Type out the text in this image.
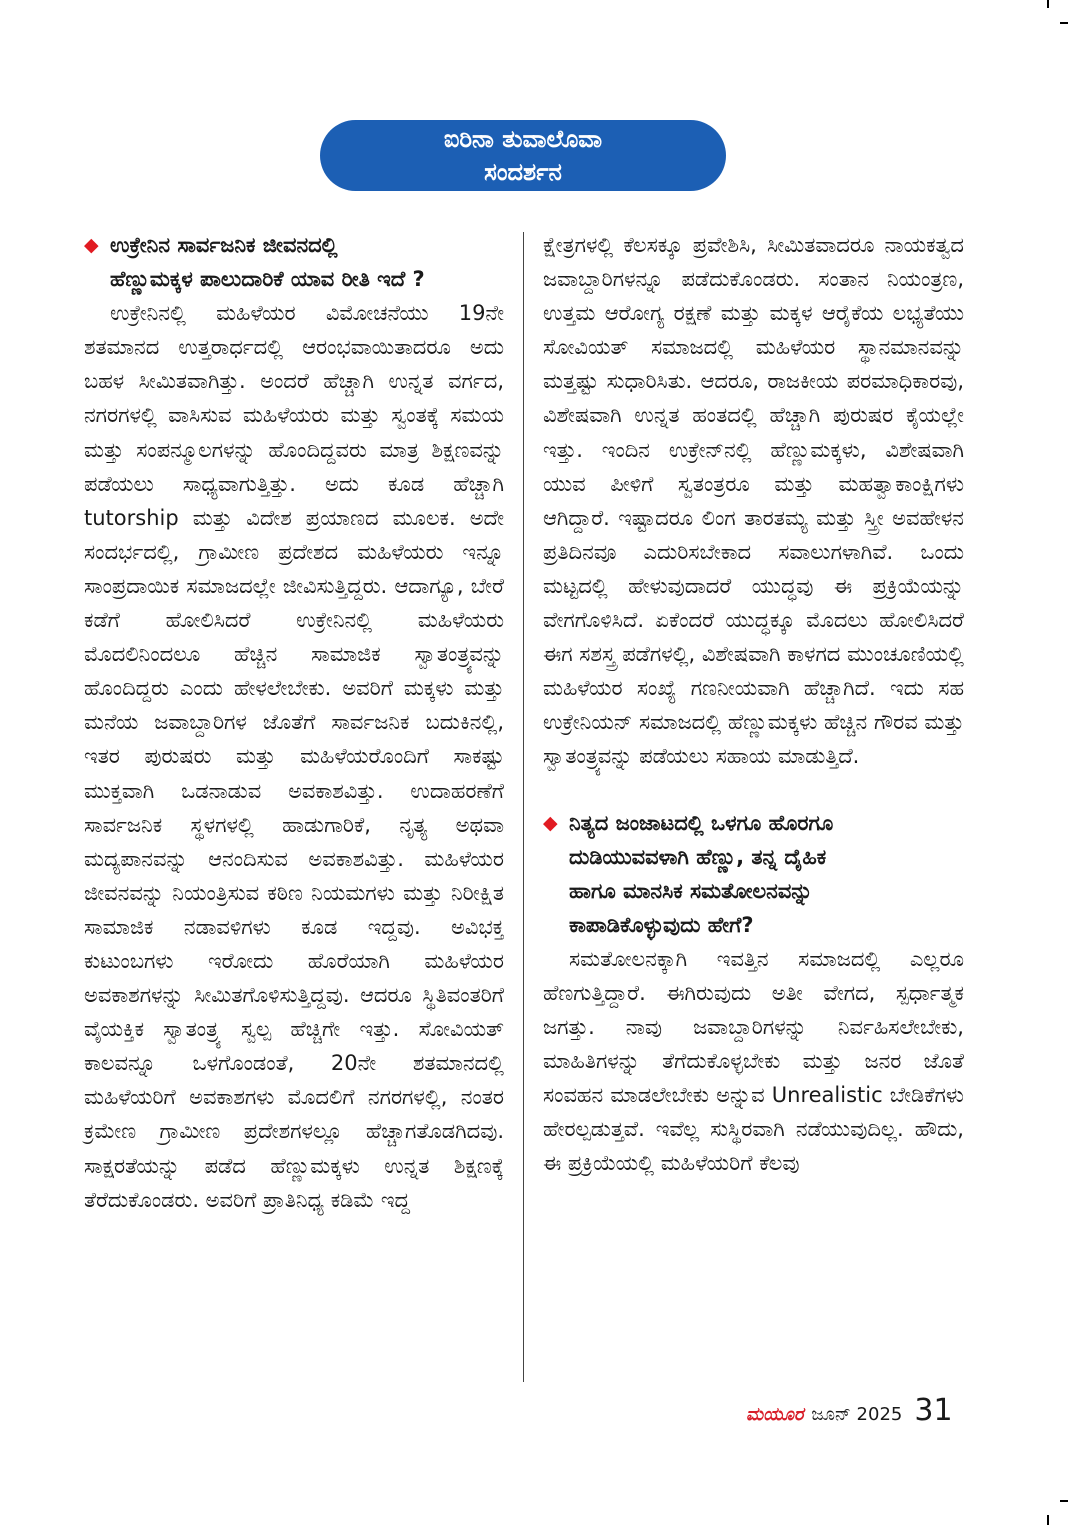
ಐರಿನಾ ತುವಾಲೊವಾ
ಸಂದರ್ಶನ

◆ ಉಕ್ರೇನಿನ ಸಾರ್ವಜನಿಕ ಜೀವನದಲ್ಲಿ
ಹೆಣ್ಣುಮಕ್ಕಳ ಪಾಲುದಾರಿಕೆ ಯಾವ ರೀತಿ ಇದೆ ?

ಉಕ್ರೇನಿನಲ್ಲಿ ಮಹಿಳೆಯರ ವಿಮೋಚನೆಯು 19ನೇ ಶತಮಾನದ ಉತ್ತರಾರ್ಧದಲ್ಲಿ ಆರಂಭವಾಯಿತಾದರೂ ಅದು ಬಹಳ ಸೀಮಿತವಾಗಿತ್ತು. ಅಂದರೆ ಹೆಚ್ಚಾಗಿ ಉನ್ನತ ವರ್ಗದ, ನಗರಗಳಲ್ಲಿ ವಾಸಿಸುವ ಮಹಿಳೆಯರು ಮತ್ತು ಸ್ವಂತಕ್ಕೆ ಸಮಯ ಮತ್ತು ಸಂಪನ್ಮೂಲಗಳನ್ನು ಹೊಂದಿದ್ದವರು ಮಾತ್ರ ಶಿಕ್ಷಣವನ್ನು ಪಡೆಯಲು ಸಾಧ್ಯವಾಗುತ್ತಿತ್ತು. ಅದು ಕೂಡ ಹೆಚ್ಚಾಗಿ tutorship ಮತ್ತು ವಿದೇಶ ಪ್ರಯಾಣದ ಮೂಲಕ. ಅದೇ ಸಂದರ್ಭದಲ್ಲಿ, ಗ್ರಾಮೀಣ ಪ್ರದೇಶದ ಮಹಿಳೆಯರು ಇನ್ನೂ ಸಾಂಪ್ರದಾಯಿಕ ಸಮಾಜದಲ್ಲೇ ಜೀವಿಸುತ್ತಿದ್ದರು. ಆದಾಗ್ಯೂ, ಬೇರೆ ಕಡೆಗೆ ಹೋಲಿಸಿದರೆ ಉಕ್ರೇನಿನಲ್ಲಿ ಮಹಿಳೆಯರು ಮೊದಲಿನಿಂದಲೂ ಹೆಚ್ಚಿನ ಸಾಮಾಜಿಕ ಸ್ವಾತಂತ್ರ್ಯವನ್ನು ಹೊಂದಿದ್ದರು ಎಂದು ಹೇಳಲೇಬೇಕು. ಅವರಿಗೆ ಮಕ್ಕಳು ಮತ್ತು ಮನೆಯ ಜವಾಬ್ದಾರಿಗಳ ಜೊತೆಗೆ ಸಾರ್ವಜನಿಕ ಬದುಕಿನಲ್ಲಿ, ಇತರ ಪುರುಷರು ಮತ್ತು ಮಹಿಳೆಯರೊಂದಿಗೆ ಸಾಕಷ್ಟು ಮುಕ್ತವಾಗಿ ಒಡನಾಡುವ ಅವಕಾಶವಿತ್ತು. ಉದಾಹರಣೆಗೆ ಸಾರ್ವಜನಿಕ ಸ್ಥಳಗಳಲ್ಲಿ ಹಾಡುಗಾರಿಕೆ, ನೃತ್ಯ ಅಥವಾ ಮದ್ಯಪಾನವನ್ನು ಆನಂದಿಸುವ ಅವಕಾಶವಿತ್ತು. ಮಹಿಳೆಯರ ಜೀವನವನ್ನು ನಿಯಂತ್ರಿಸುವ ಕಠಿಣ ನಿಯಮಗಳು ಮತ್ತು ನಿರೀಕ್ಷಿತ ಸಾಮಾಜಿಕ ನಡಾವಳಿಗಳು ಕೂಡ ಇದ್ದವು. ಅವಿಭಕ್ತ ಕುಟುಂಬಗಳು ಇರೋದು ಹೊರೆಯಾಗಿ ಮಹಿಳೆಯರ ಅವಕಾಶಗಳನ್ನು ಸೀಮಿತಗೊಳಿಸುತ್ತಿದ್ದವು. ಆದರೂ ಸ್ಥಿತಿವಂತರಿಗೆ ವೈಯಕ್ತಿಕ ಸ್ವಾತಂತ್ರ್ಯ ಸ್ವಲ್ಪ ಹೆಚ್ಚಿಗೇ ಇತ್ತು. ಸೋವಿಯತ್ ಕಾಲವನ್ನೂ ಒಳಗೊಂಡಂತೆ, 20ನೇ ಶತಮಾನದಲ್ಲಿ ಮಹಿಳೆಯರಿಗೆ ಅವಕಾಶಗಳು ಮೊದಲಿಗೆ ನಗರಗಳಲ್ಲಿ, ನಂತರ ಕ್ರಮೇಣ ಗ್ರಾಮೀಣ ಪ್ರದೇಶಗಳಲ್ಲೂ ಹೆಚ್ಚಾಗತೊಡಗಿದವು. ಸಾಕ್ಷರತೆಯನ್ನು ಪಡೆದ ಹೆಣ್ಣುಮಕ್ಕಳು ಉನ್ನತ ಶಿಕ್ಷಣಕ್ಕೆ ತೆರೆದುಕೊಂಡರು. ಅವರಿಗೆ ಪ್ರಾತಿನಿಧ್ಯ ಕಡಿಮೆ ಇದ್ದ

ಕ್ಷೇತ್ರಗಳಲ್ಲಿ ಕೆಲಸಕ್ಕೂ ಪ್ರವೇಶಿಸಿ, ಸೀಮಿತವಾದರೂ ನಾಯಕತ್ವದ ಜವಾಬ್ದಾರಿಗಳನ್ನೂ ಪಡೆದುಕೊಂಡರು. ಸಂತಾನ ನಿಯಂತ್ರಣ, ಉತ್ತಮ ಆರೋಗ್ಯ ರಕ್ಷಣೆ ಮತ್ತು ಮಕ್ಕಳ ಆರೈಕೆಯ ಲಭ್ಯತೆಯು ಸೋವಿಯತ್ ಸಮಾಜದಲ್ಲಿ ಮಹಿಳೆಯರ ಸ್ಥಾನಮಾನವನ್ನು ಮತ್ತಷ್ಟು ಸುಧಾರಿಸಿತು. ಆದರೂ, ರಾಜಕೀಯ ಪರಮಾಧಿಕಾರವು, ವಿಶೇಷವಾಗಿ ಉನ್ನತ ಹಂತದಲ್ಲಿ ಹೆಚ್ಚಾಗಿ ಪುರುಷರ ಕೈಯಲ್ಲೇ ಇತ್ತು. ಇಂದಿನ ಉಕ್ರೇನ್‌ನಲ್ಲಿ ಹೆಣ್ಣುಮಕ್ಕಳು, ವಿಶೇಷವಾಗಿ ಯುವ ಪೀಳಿಗೆ ಸ್ವತಂತ್ರರೂ ಮತ್ತು ಮಹತ್ವಾಕಾಂಕ್ಷಿಗಳು ಆಗಿದ್ದಾರೆ. ಇಷ್ಟಾದರೂ ಲಿಂಗ ತಾರತಮ್ಯ ಮತ್ತು ಸ್ತ್ರೀ ಅವಹೇಳನ ಪ್ರತಿದಿನವೂ ಎದುರಿಸಬೇಕಾದ ಸವಾಲುಗಳಾಗಿವೆ. ಒಂದು ಮಟ್ಟದಲ್ಲಿ ಹೇಳುವುದಾದರೆ ಯುದ್ಧವು ಈ ಪ್ರಕ್ರಿಯೆಯನ್ನು ವೇಗಗೊಳಿಸಿದೆ. ಏಕೆಂದರೆ ಯುದ್ಧಕ್ಕೂ ಮೊದಲು ಹೋಲಿಸಿದರೆ ಈಗ ಸಶಸ್ತ್ರ ಪಡೆಗಳಲ್ಲಿ, ವಿಶೇಷವಾಗಿ ಕಾಳಗದ ಮುಂಚೂಣಿಯಲ್ಲಿ ಮಹಿಳೆಯರ ಸಂಖ್ಯೆ ಗಣನೀಯವಾಗಿ ಹೆಚ್ಚಾಗಿದೆ. ಇದು ಸಹ ಉಕ್ರೇನಿಯನ್ ಸಮಾಜದಲ್ಲಿ ಹೆಣ್ಣುಮಕ್ಕಳು ಹೆಚ್ಚಿನ ಗೌರವ ಮತ್ತು ಸ್ವಾತಂತ್ರ್ಯವನ್ನು ಪಡೆಯಲು ಸಹಾಯ ಮಾಡುತ್ತಿದೆ.

◆ ನಿತ್ಯದ ಜಂಜಾಟದಲ್ಲಿ ಒಳಗೂ ಹೊರಗೂ
ದುಡಿಯುವವಳಾಗಿ ಹೆಣ್ಣು, ತನ್ನ ದೈಹಿಕ
ಹಾಗೂ ಮಾನಸಿಕ ಸಮತೋಲನವನ್ನು
ಕಾಪಾಡಿಕೊಳ್ಳುವುದು ಹೇಗೆ?

ಸಮತೋಲನಕ್ಕಾಗಿ ಇವತ್ತಿನ ಸಮಾಜದಲ್ಲಿ ಎಲ್ಲರೂ ಹೆಣಗುತ್ತಿದ್ದಾರೆ. ಈಗಿರುವುದು ಅತೀ ವೇಗದ, ಸ್ಪರ್ಧಾತ್ಮಕ ಜಗತ್ತು. ನಾವು ಜವಾಬ್ದಾರಿಗಳನ್ನು ನಿರ್ವಹಿಸಲೇಬೇಕು, ಮಾಹಿತಿಗಳನ್ನು ತೆಗೆದುಕೊಳ್ಳಬೇಕು ಮತ್ತು ಜನರ ಜೊತೆ ಸಂವಹನ ಮಾಡಲೇಬೇಕು ಅನ್ನುವ Unrealistic ಬೇಡಿಕೆಗಳು ಹೇರಲ್ಪಡುತ್ತವೆ. ಇವೆಲ್ಲ ಸುಸ್ಥಿರವಾಗಿ ನಡೆಯುವುದಿಲ್ಲ. ಹೌದು, ಈ ಪ್ರಕ್ರಿಯೆಯಲ್ಲಿ ಮಹಿಳೆಯರಿಗೆ ಕೆಲವು

ಮಯೂರ ಜೂನ್ 2025 31
